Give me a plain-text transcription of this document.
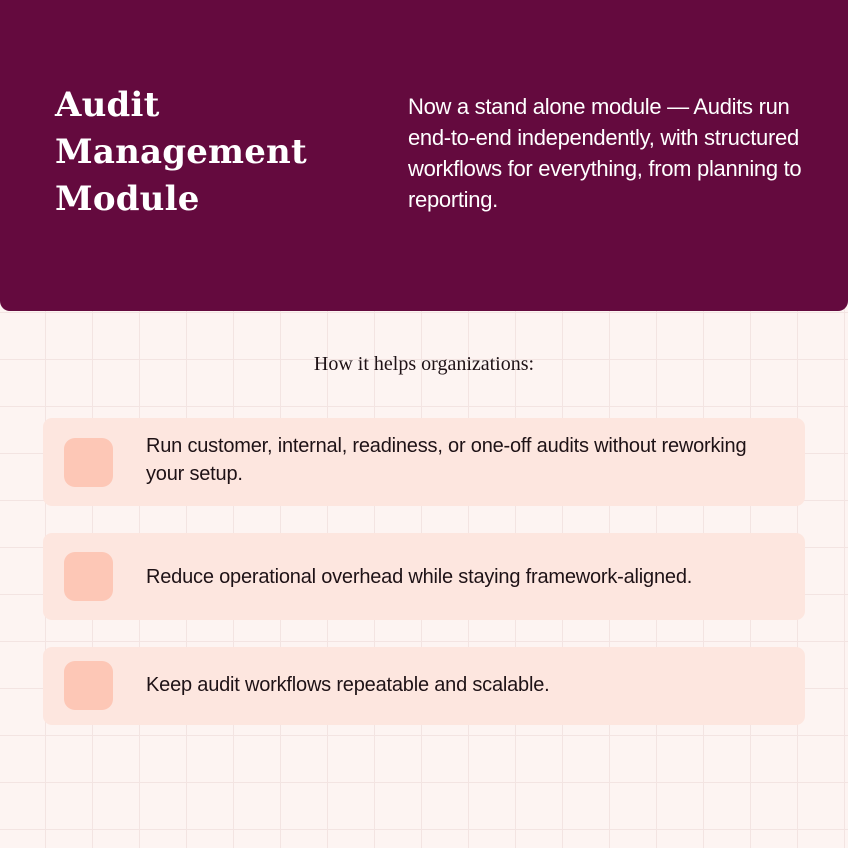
Audit
Management
Module

Now a stand alone module — Audits run end-to-end independently, with structured workflows for everything, from planning to reporting.

How it helps organizations:
Run customer, internal, readiness, or one-off audits without reworking your setup.
Reduce operational overhead while staying framework-aligned.
Keep audit workflows repeatable and scalable.
